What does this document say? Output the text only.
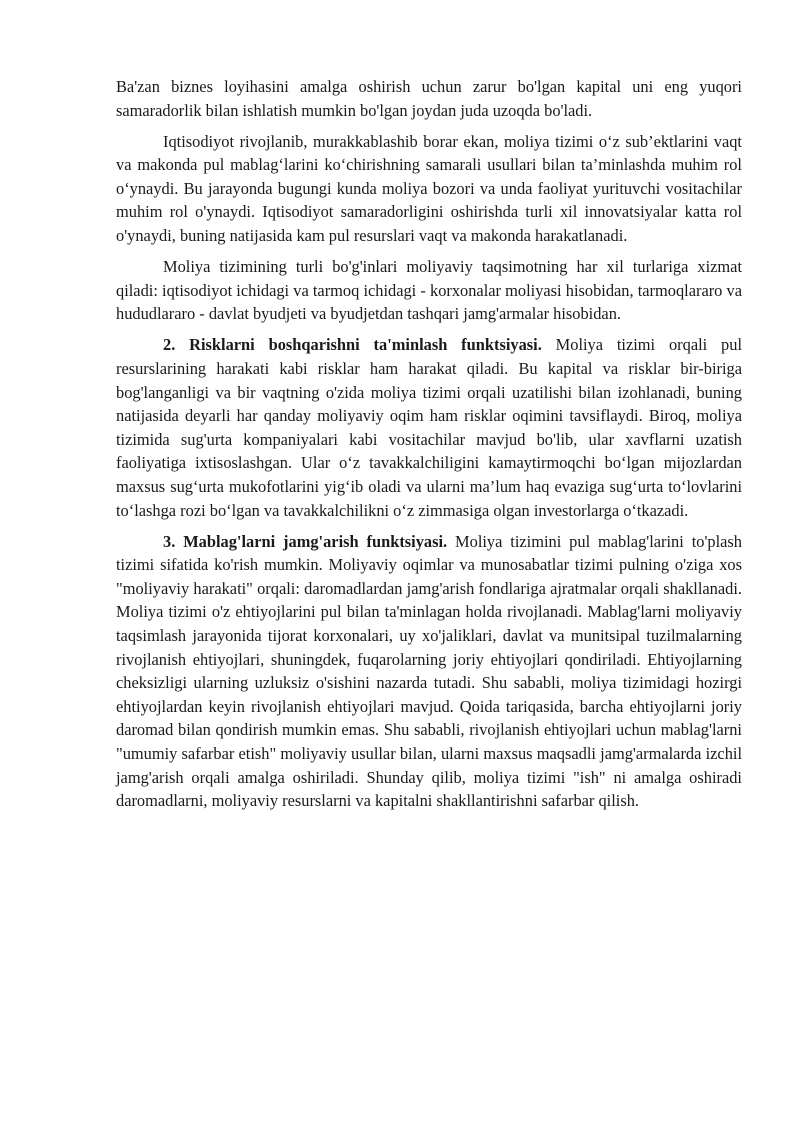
Ba'zan biznes loyihasini amalga oshirish uchun zarur bo'lgan kapital uni eng yuqori samaradorlik bilan ishlatish mumkin bo'lgan joydan juda uzoqda bo'ladi.

Iqtisodiyot rivojlanib, murakkablashib borar ekan, moliya tizimi o‘z sub’ektlarini vaqt va makonda pul mablag‘larini ko‘chirishning samarali usullari bilan ta’minlashda muhim rol o‘ynaydi. Bu jarayonda bugungi kunda moliya bozori va unda faoliyat yurituvchi vositachilar muhim rol o'ynaydi. Iqtisodiyot samaradorligini oshirishda turli xil innovatsiyalar katta rol o'ynaydi, buning natijasida kam pul resurslari vaqt va makonda harakatlanadi.

Moliya tizimining turli bo'g'inlari moliyaviy taqsimotning har xil turlariga xizmat qiladi: iqtisodiyot ichidagi va tarmoq ichidagi - korxonalar moliyasi hisobidan, tarmoqlararo va hududlararo - davlat byudjeti va byudjetdan tashqari jamg'armalar hisobidan.

2. Risklarni boshqarishni ta'minlash funktsiyasi. Moliya tizimi orqali pul resurslarining harakati kabi risklar ham harakat qiladi. Bu kapital va risklar bir-biriga bog'langanligi va bir vaqtning o'zida moliya tizimi orqali uzatilishi bilan izohlanadi, buning natijasida deyarli har qanday moliyaviy oqim ham risklar oqimini tavsiflaydi. Biroq, moliya tizimida sug'urta kompaniyalari kabi vositachilar mavjud bo'lib, ular xavflarni uzatish faoliyatiga ixtisoslashgan. Ular o‘z tavakkalchiligini kamaytirmoqchi bo‘lgan mijozlardan maxsus sug‘urta mukofotlarini yig‘ib oladi va ularni ma’lum haq evaziga sug‘urta to‘lovlarini to‘lashga rozi bo‘lgan va tavakkalchilikni o‘z zimmasiga olgan investorlarga o‘tkazadi.

3. Mablag'larni jamg'arish funktsiyasi. Moliya tizimini pul mablag'larini to'plash tizimi sifatida ko'rish mumkin. Moliyaviy oqimlar va munosabatlar tizimi pulning o'ziga xos "moliyaviy harakati" orqali: daromadlardan jamg'arish fondlariga ajratmalar orqali shakllanadi. Moliya tizimi o'z ehtiyojlarini pul bilan ta'minlagan holda rivojlanadi. Mablag'larni moliyaviy taqsimlash jarayonida tijorat korxonalari, uy xo'jaliklari, davlat va munitsipal tuzilmalarning rivojlanish ehtiyojlari, shuningdek, fuqarolarning joriy ehtiyojlari qondiriladi. Ehtiyojlarning cheksizligi ularning uzluksiz o'sishini nazarda tutadi. Shu sababli, moliya tizimidagi hozirgi ehtiyojlardan keyin rivojlanish ehtiyojlari mavjud. Qoida tariqasida, barcha ehtiyojlarni joriy daromad bilan qondirish mumkin emas. Shu sababli, rivojlanish ehtiyojlari uchun mablag'larni "umumiy safarbar etish" moliyaviy usullar bilan, ularni maxsus maqsadli jamg'armalarda izchil jamg'arish orqali amalga oshiriladi. Shunday qilib, moliya tizimi "ish" ni amalga oshiradi daromadlarni, moliyaviy resurslarni va kapitalni shakllantirishni safarbar qilish.
